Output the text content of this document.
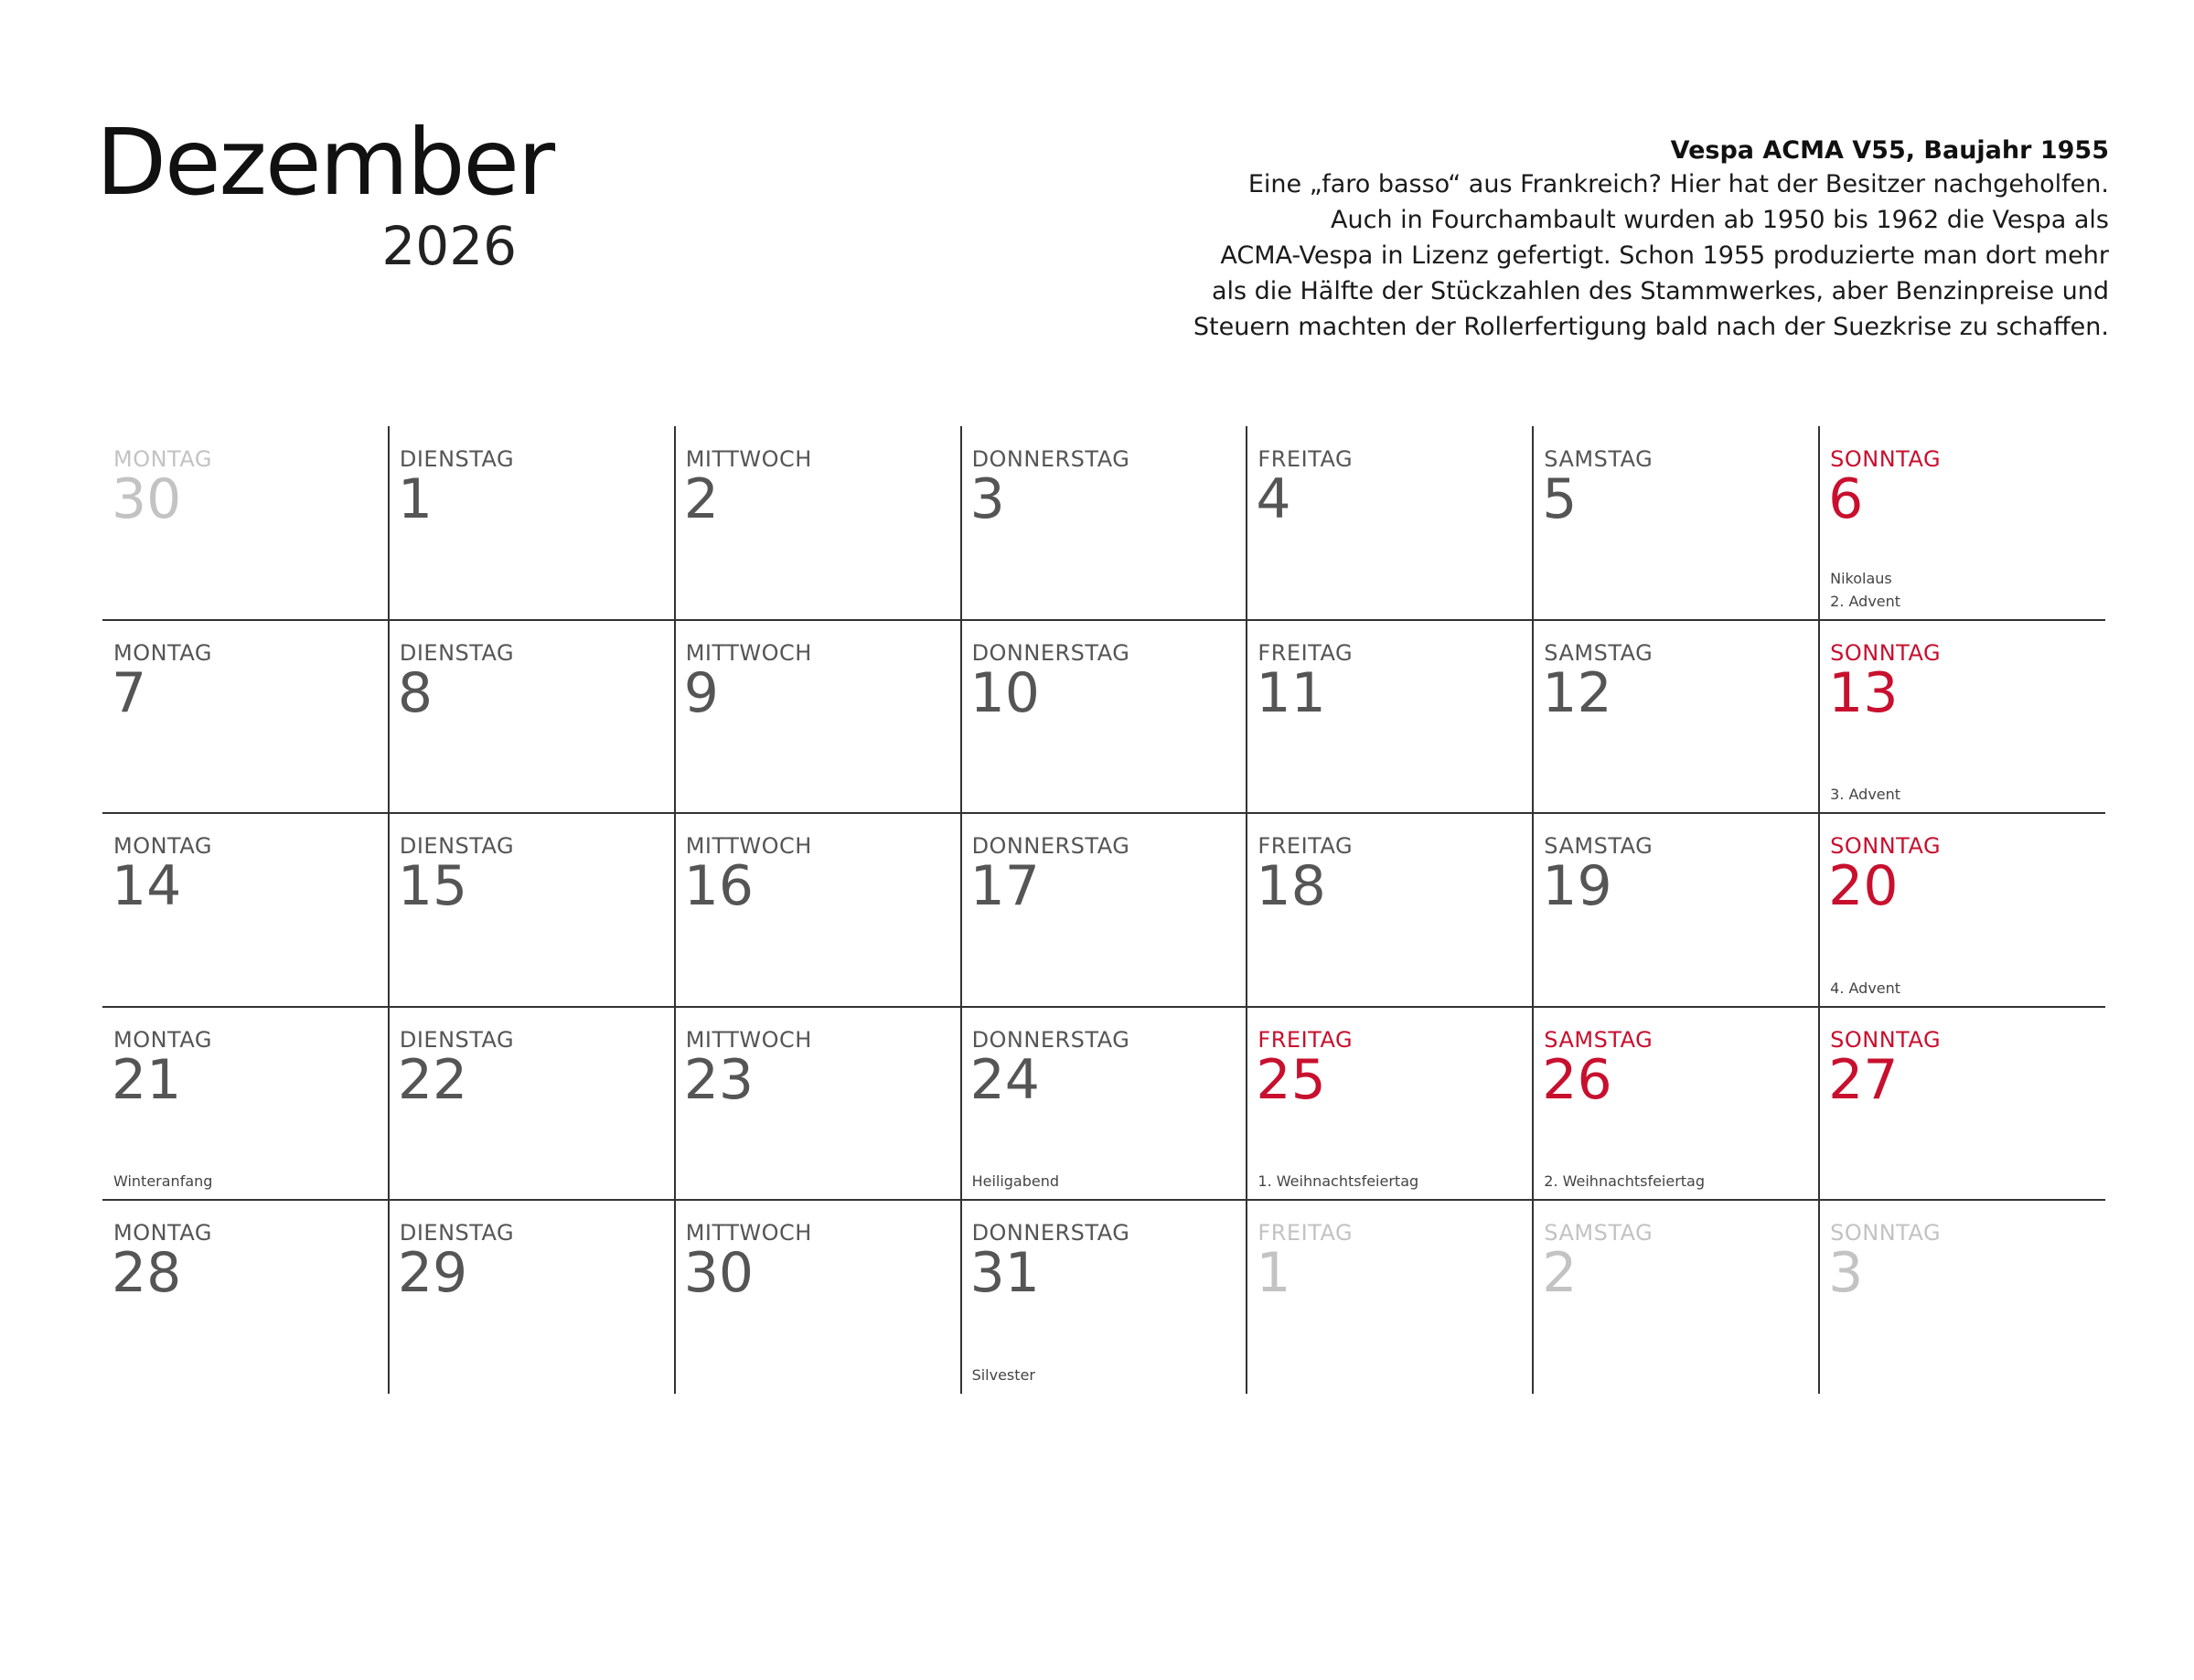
Dezember
2026
Vespa ACMA V55, Baujahr 1955
Eine „faro basso“ aus Frankreich? Hier hat der Besitzer nachgeholfen.
Auch in Fourchambault wurden ab 1950 bis 1962 die Vespa als
ACMA-Vespa in Lizenz gefertigt. Schon 1955 produzierte man dort mehr
als die Hälfte der Stückzahlen des Stammwerkes, aber Benzinpreise und
Steuern machten der Rollerfertigung bald nach der Suezkrise zu schaffen.
MONTAG
30
DIENSTAG
1
MITTWOCH
2
DONNERSTAG
3
FREITAG
4
SAMSTAG
5
SONNTAG
6
Nikolaus
2. Advent
MONTAG
7
DIENSTAG
8
MITTWOCH
9
DONNERSTAG
10
FREITAG
11
SAMSTAG
12
SONNTAG
13
3. Advent
MONTAG
14
DIENSTAG
15
MITTWOCH
16
DONNERSTAG
17
FREITAG
18
SAMSTAG
19
SONNTAG
20
4. Advent
MONTAG
21
Winteranfang
DIENSTAG
22
MITTWOCH
23
DONNERSTAG
24
Heiligabend
FREITAG
25
1. Weihnachtsfeiertag
SAMSTAG
26
2. Weihnachtsfeiertag
SONNTAG
27
MONTAG
28
DIENSTAG
29
MITTWOCH
30
DONNERSTAG
31
Silvester
FREITAG
1
SAMSTAG
2
SONNTAG
3
